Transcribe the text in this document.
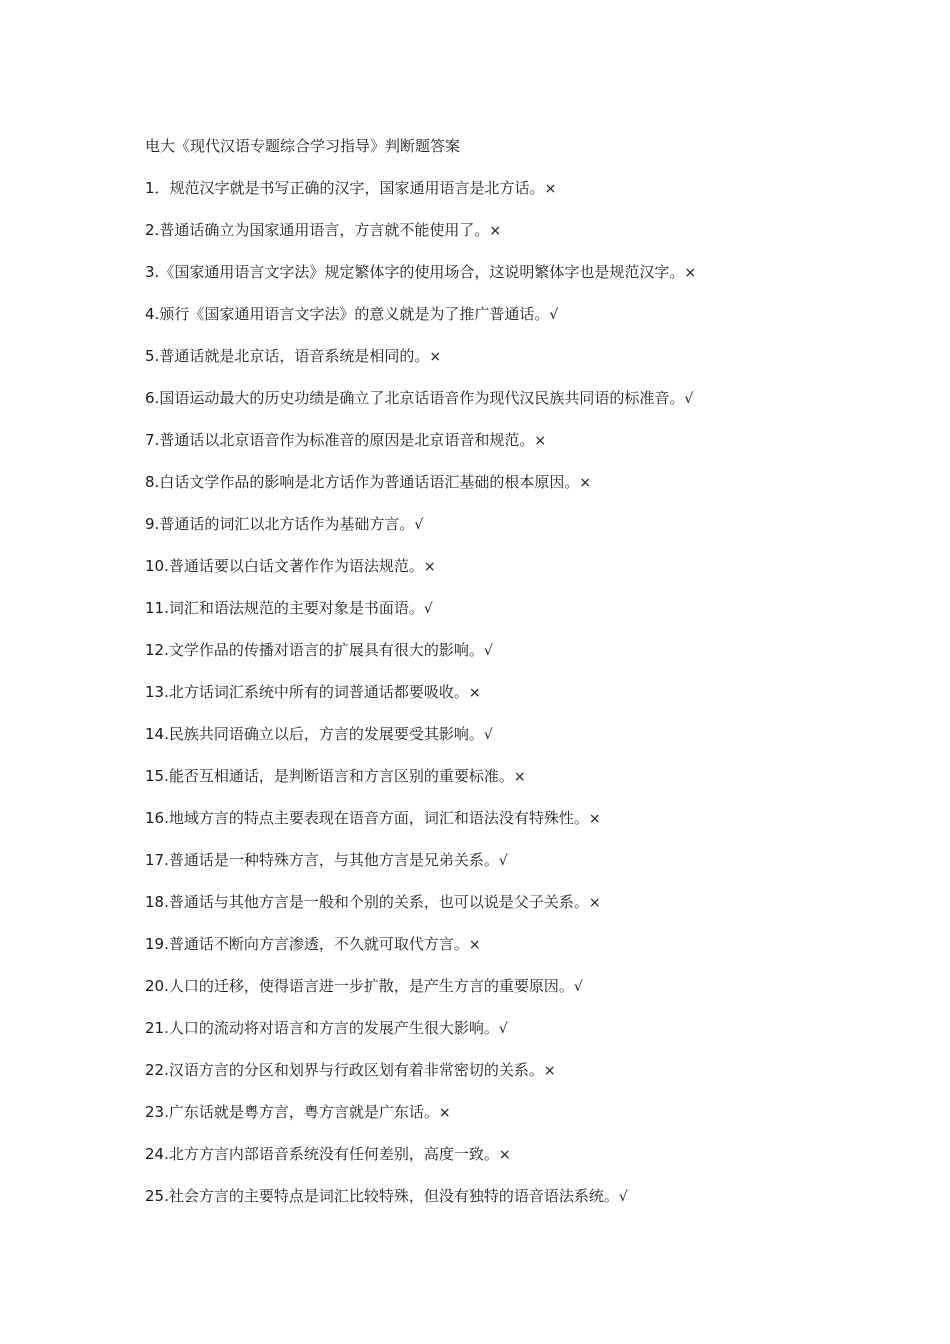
电大《现代汉语专题综合学习指导》判断题答案
1．规范汉字就是书写正确的汉字，国家通用语言是北方话。×
2.普通话确立为国家通用语言，方言就不能使用了。×
3.《国家通用语言文字法》规定繁体字的使用场合，这说明繁体字也是规范汉字。×
4.颁行《国家通用语言文字法》的意义就是为了推广普通话。√
5.普通话就是北京话，语音系统是相同的。×
6.国语运动最大的历史功绩是确立了北京话语音作为现代汉民族共同语的标准音。√
7.普通话以北京语音作为标准音的原因是北京语音和规范。×
8.白话文学作品的影响是北方话作为普通话语汇基础的根本原因。×
9.普通话的词汇以北方话作为基础方言。√
10.普通话要以白话文著作作为语法规范。×
11.词汇和语法规范的主要对象是书面语。√
12.文学作品的传播对语言的扩展具有很大的影响。√
13.北方话词汇系统中所有的词普通话都要吸收。×
14.民族共同语确立以后，方言的发展要受其影响。√
15.能否互相通话，是判断语言和方言区别的重要标准。×
16.地域方言的特点主要表现在语音方面，词汇和语法没有特殊性。×
17.普通话是一种特殊方言，与其他方言是兄弟关系。√
18.普通话与其他方言是一般和个别的关系，也可以说是父子关系。×
19.普通话不断向方言渗透，不久就可取代方言。×
20.人口的迁移，使得语言进一步扩散，是产生方言的重要原因。√
21.人口的流动将对语言和方言的发展产生很大影响。√
22.汉语方言的分区和划界与行政区划有着非常密切的关系。×
23.广东话就是粤方言，粤方言就是广东话。×
24.北方方言内部语音系统没有任何差别，高度一致。×
25.社会方言的主要特点是词汇比较特殊，但没有独特的语音语法系统。√
